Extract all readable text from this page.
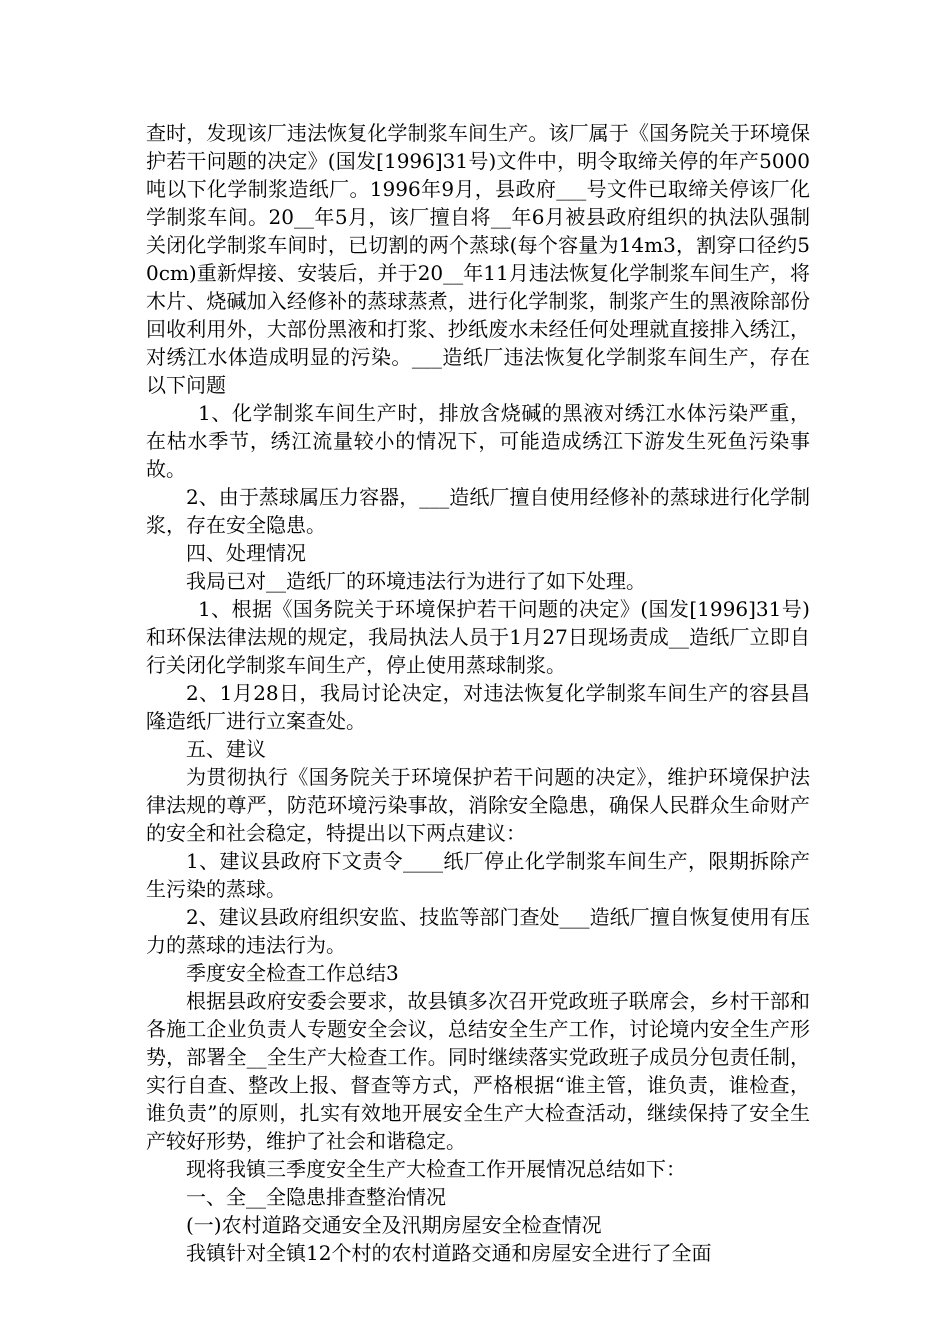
查时，发现该厂违法恢复化学制浆车间生产。该厂属于《国务院关于环境保护若干问题的决定》(国发[1996]31号)文件中，明令取缔关停的年产5000吨以下化学制浆造纸厂。1996年9月，县政府___号文件已取缔关停该厂化学制浆车间。20__年5月，该厂擅自将__年6月被县政府组织的执法队强制关闭化学制浆车间时，已切割的两个蒸球(每个容量为14m3，割穿口径约50cm)重新焊接、安装后，并于20__年11月违法恢复化学制浆车间生产，将木片、烧碱加入经修补的蒸球蒸煮，进行化学制浆，制浆产生的黑液除部份回收利用外，大部份黑液和打浆、抄纸废水未经任何处理就直接排入绣江，对绣江水体造成明显的污染。___造纸厂违法恢复化学制浆车间生产，存在以下问题

1、化学制浆车间生产时，排放含烧碱的黑液对绣江水体污染严重，在枯水季节，绣江流量较小的情况下，可能造成绣江下游发生死鱼污染事故。

2、由于蒸球属压力容器，___造纸厂擅自使用经修补的蒸球进行化学制浆，存在安全隐患。

四、处理情况

我局已对__造纸厂的环境违法行为进行了如下处理。

1、根据《国务院关于环境保护若干问题的决定》(国发[1996]31号)和环保法律法规的规定，我局执法人员于1月27日现场责成__造纸厂立即自行关闭化学制浆车间生产，停止使用蒸球制浆。

2、1月28日，我局讨论决定，对违法恢复化学制浆车间生产的容县昌隆造纸厂进行立案查处。

五、建议

为贯彻执行《国务院关于环境保护若干问题的决定》，维护环境保护法律法规的尊严，防范环境污染事故，消除安全隐患，确保人民群众生命财产的安全和社会稳定，特提出以下两点建议：

1、建议县政府下文责令____纸厂停止化学制浆车间生产，限期拆除产生污染的蒸球。

2、建议县政府组织安监、技监等部门查处___造纸厂擅自恢复使用有压力的蒸球的违法行为。

季度安全检查工作总结3

根据县政府安委会要求，故县镇多次召开党政班子联席会，乡村干部和各施工企业负责人专题安全会议，总结安全生产工作，讨论境内安全生产形势，部署全__全生产大检查工作。同时继续落实党政班子成员分包责任制，实行自查、整改上报、督查等方式，严格根据“谁主管，谁负责，谁检查，谁负责”的原则，扎实有效地开展安全生产大检查活动，继续保持了安全生产较好形势，维护了社会和谐稳定。

现将我镇三季度安全生产大检查工作开展情况总结如下：

一、全__全隐患排查整治情况

(一)农村道路交通安全及汛期房屋安全检查情况

我镇针对全镇12个村的农村道路交通和房屋安全进行了全面
